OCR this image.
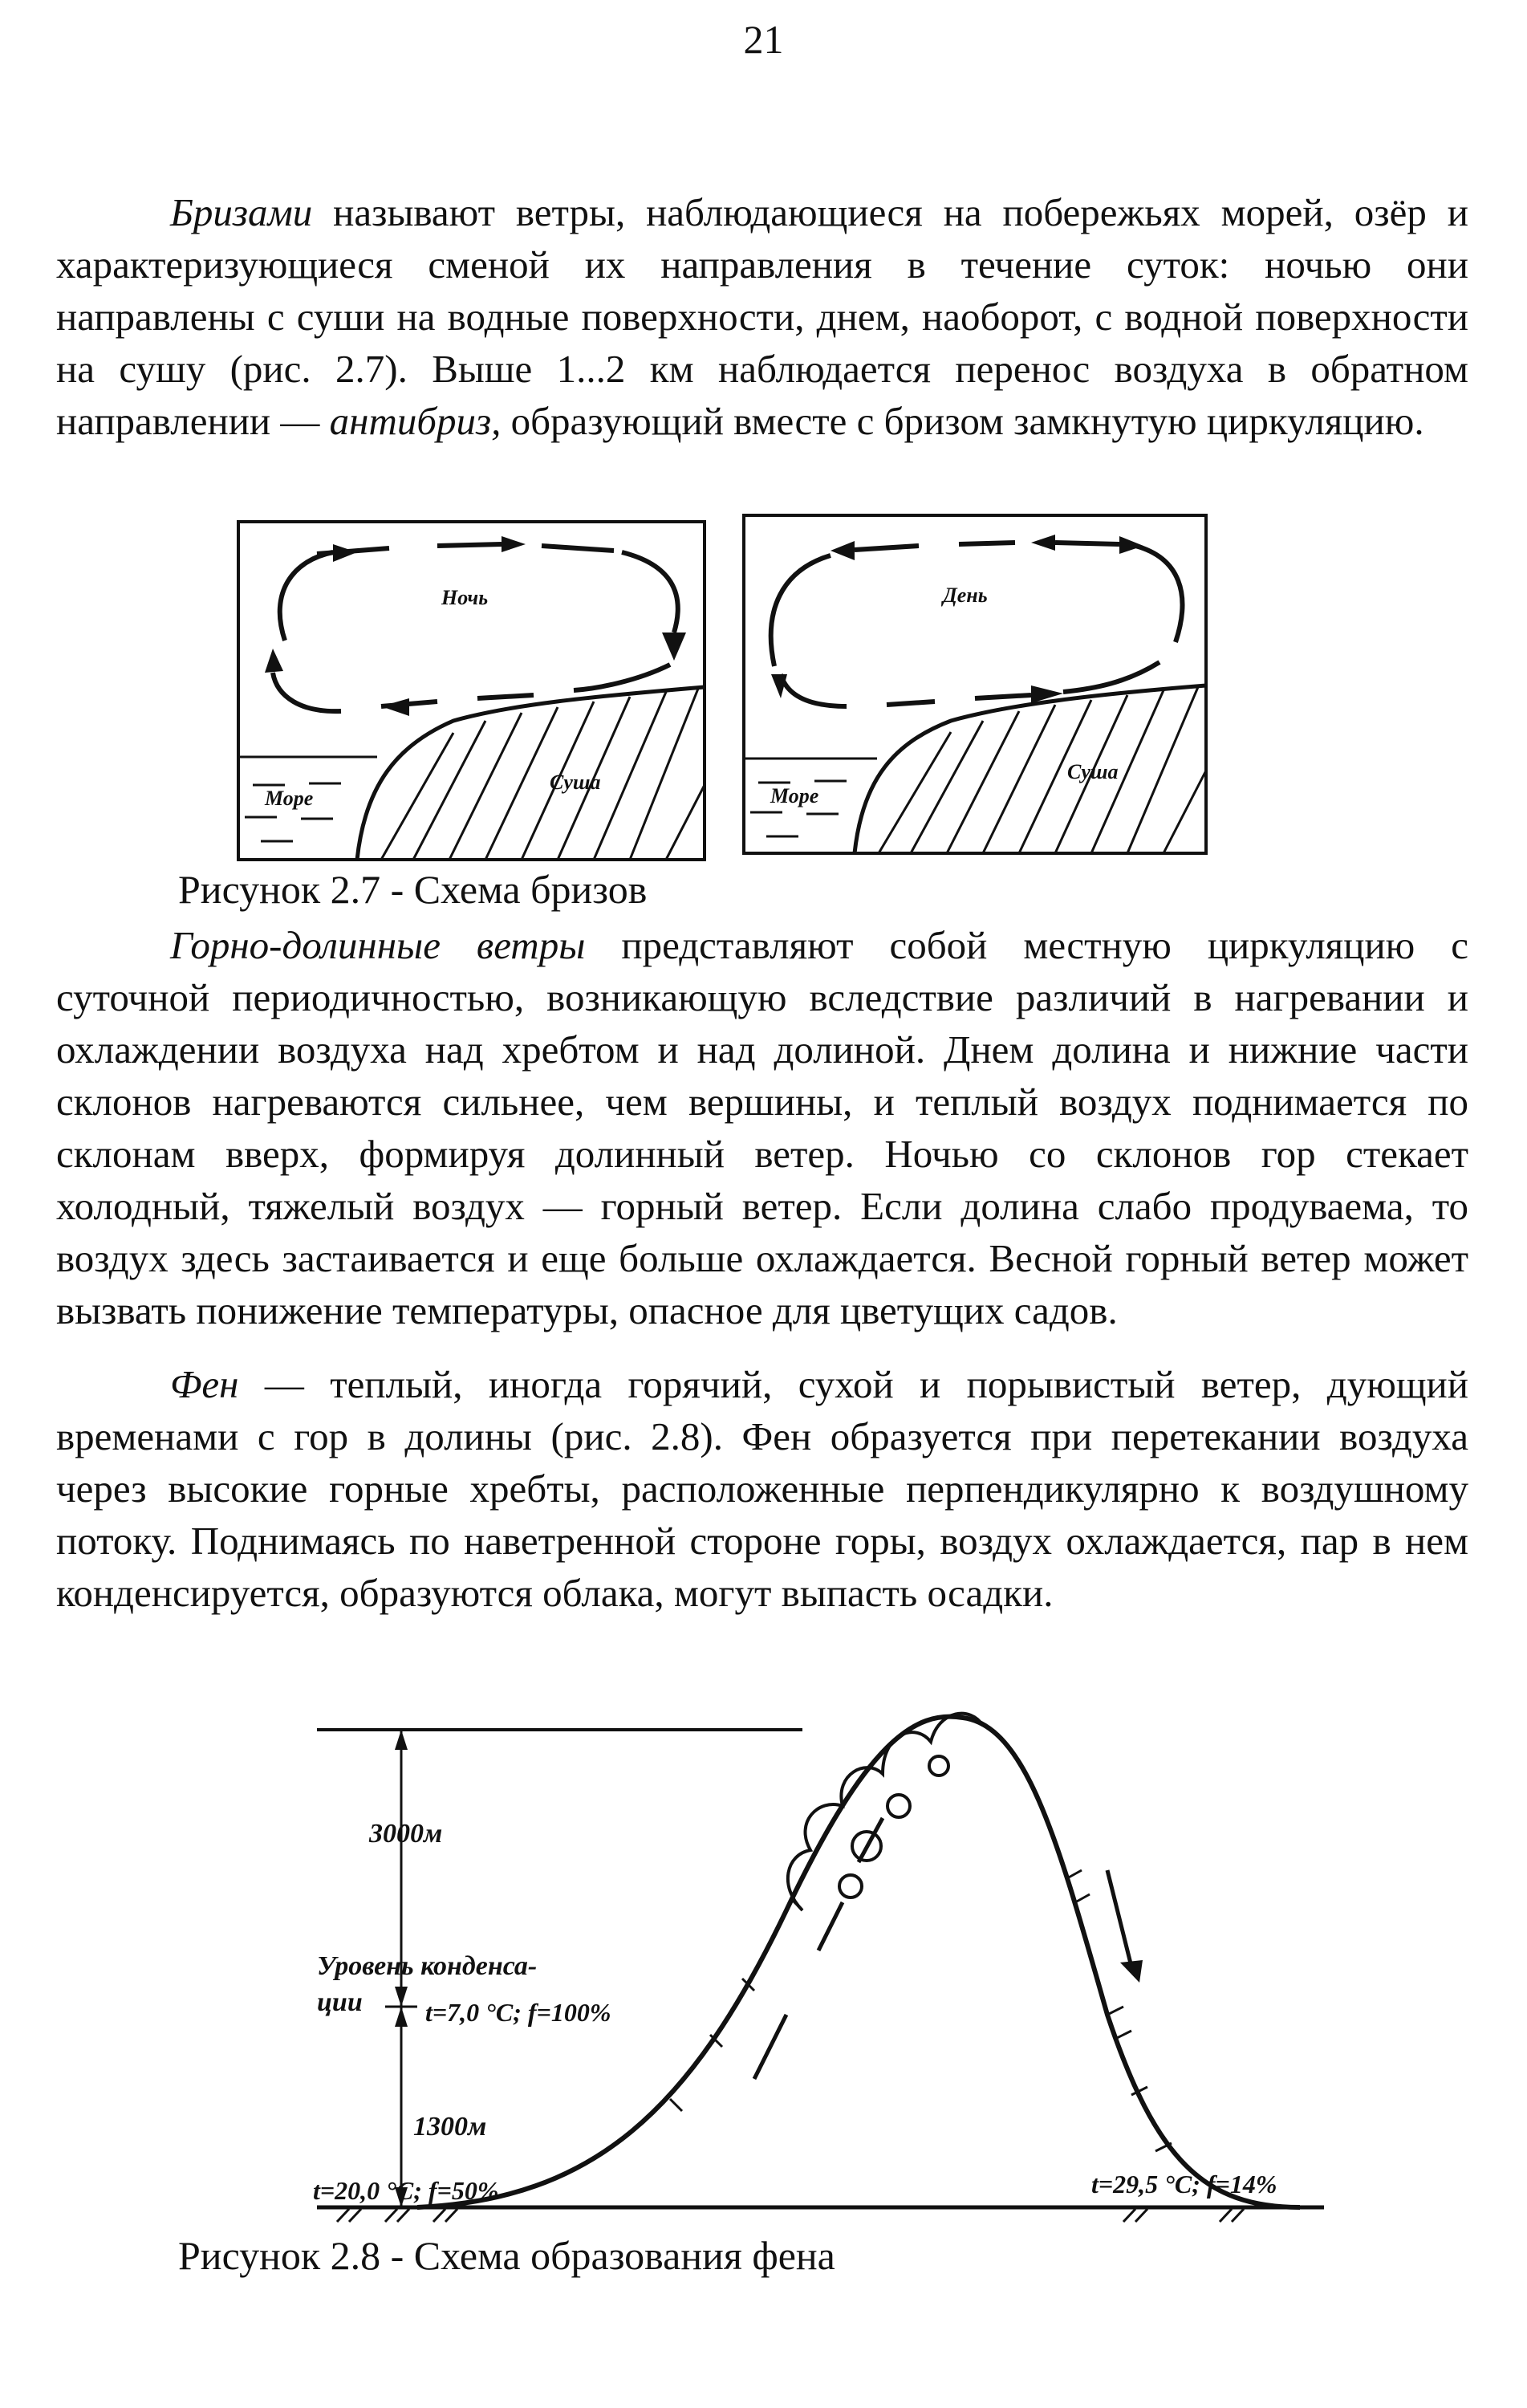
21

Бризами называют ветры, наблюдающиеся на побережьях морей, озёр и характеризующиеся сменой их направления в течение суток: ночью они направлены с суши на водные поверхности, днем, наоборот, с водной поверхности на сушу (рис. 2.7). Выше 1...2 км наблюдается перенос воздуха в обратном направлении — антибриз, образующий вместе с бризом замкнутую циркуляцию.

Ночь
Море
Суша
День
Море
Суша

Рисунок 2.7 - Схема бризов

Горно-долинные ветры представляют собой местную циркуляцию с суточной периодичностью, возникающую вследствие различий в нагревании и охлаждении воздуха над хребтом и над долиной. Днем долина и нижние части склонов нагреваются сильнее, чем вершины, и теплый воздух поднимается по склонам вверх, формируя долинный ветер. Ночью со склонов гор стекает холодный, тяжелый воздух — горный ветер. Если долина слабо продуваема, то воздух здесь застаивается и еще больше охлаждается. Весной горный ветер может вызвать понижение температуры, опасное для цветущих садов.

Фен — теплый, иногда горячий, сухой и порывистый ветер, дующий временами с гор в долины (рис. 2.8). Фен образуется при перетекании воздуха через высокие горные хребты, расположенные перпендикулярно к воздушному потоку. Поднимаясь по наветренной стороне горы, воздух охлаждается, пар в нем конденсируется, образуются облака, могут выпасть осадки.

3000м
Уровень конденса-
ции t=7,0 °C; f=100%
1300м
t=20,0 °C; f=50%	t=29,5 °C; f=14%

Рисунок 2.8 - Схема образования фена
